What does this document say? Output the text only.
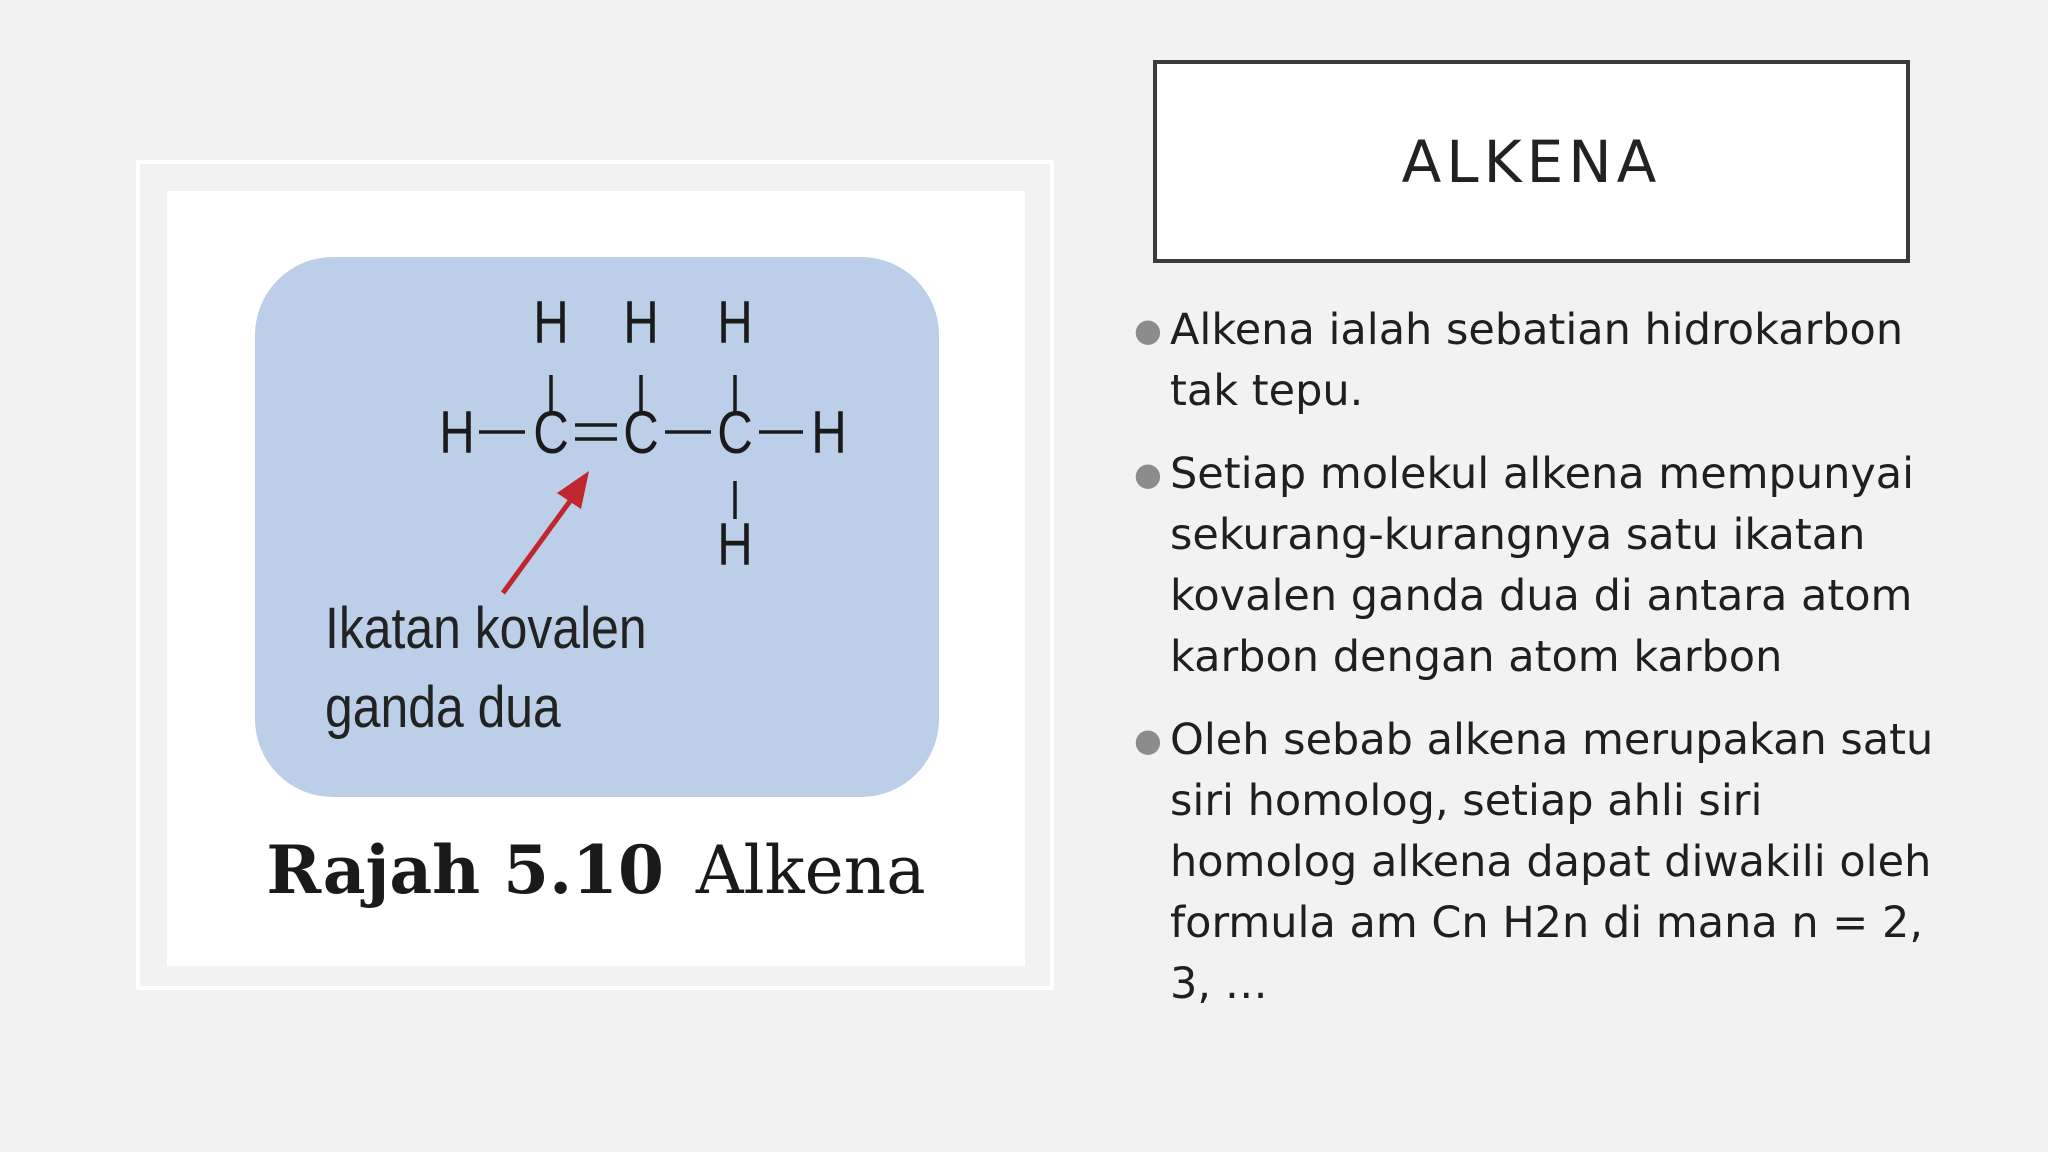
H H H
H C C C H
H
Ikatan kovalen
ganda dua
Rajah 5.10 Alkena
ALKENA
● Alkena ialah sebatian hidrokarbon tak tepu.
● Setiap molekul alkena mempunyai sekurang-kurangnya satu ikatan kovalen ganda dua di antara atom karbon dengan atom karbon
● Oleh sebab alkena merupakan satu siri homolog, setiap ahli siri homolog alkena dapat diwakili oleh formula am Cn H2n di mana n = 2, 3, …
